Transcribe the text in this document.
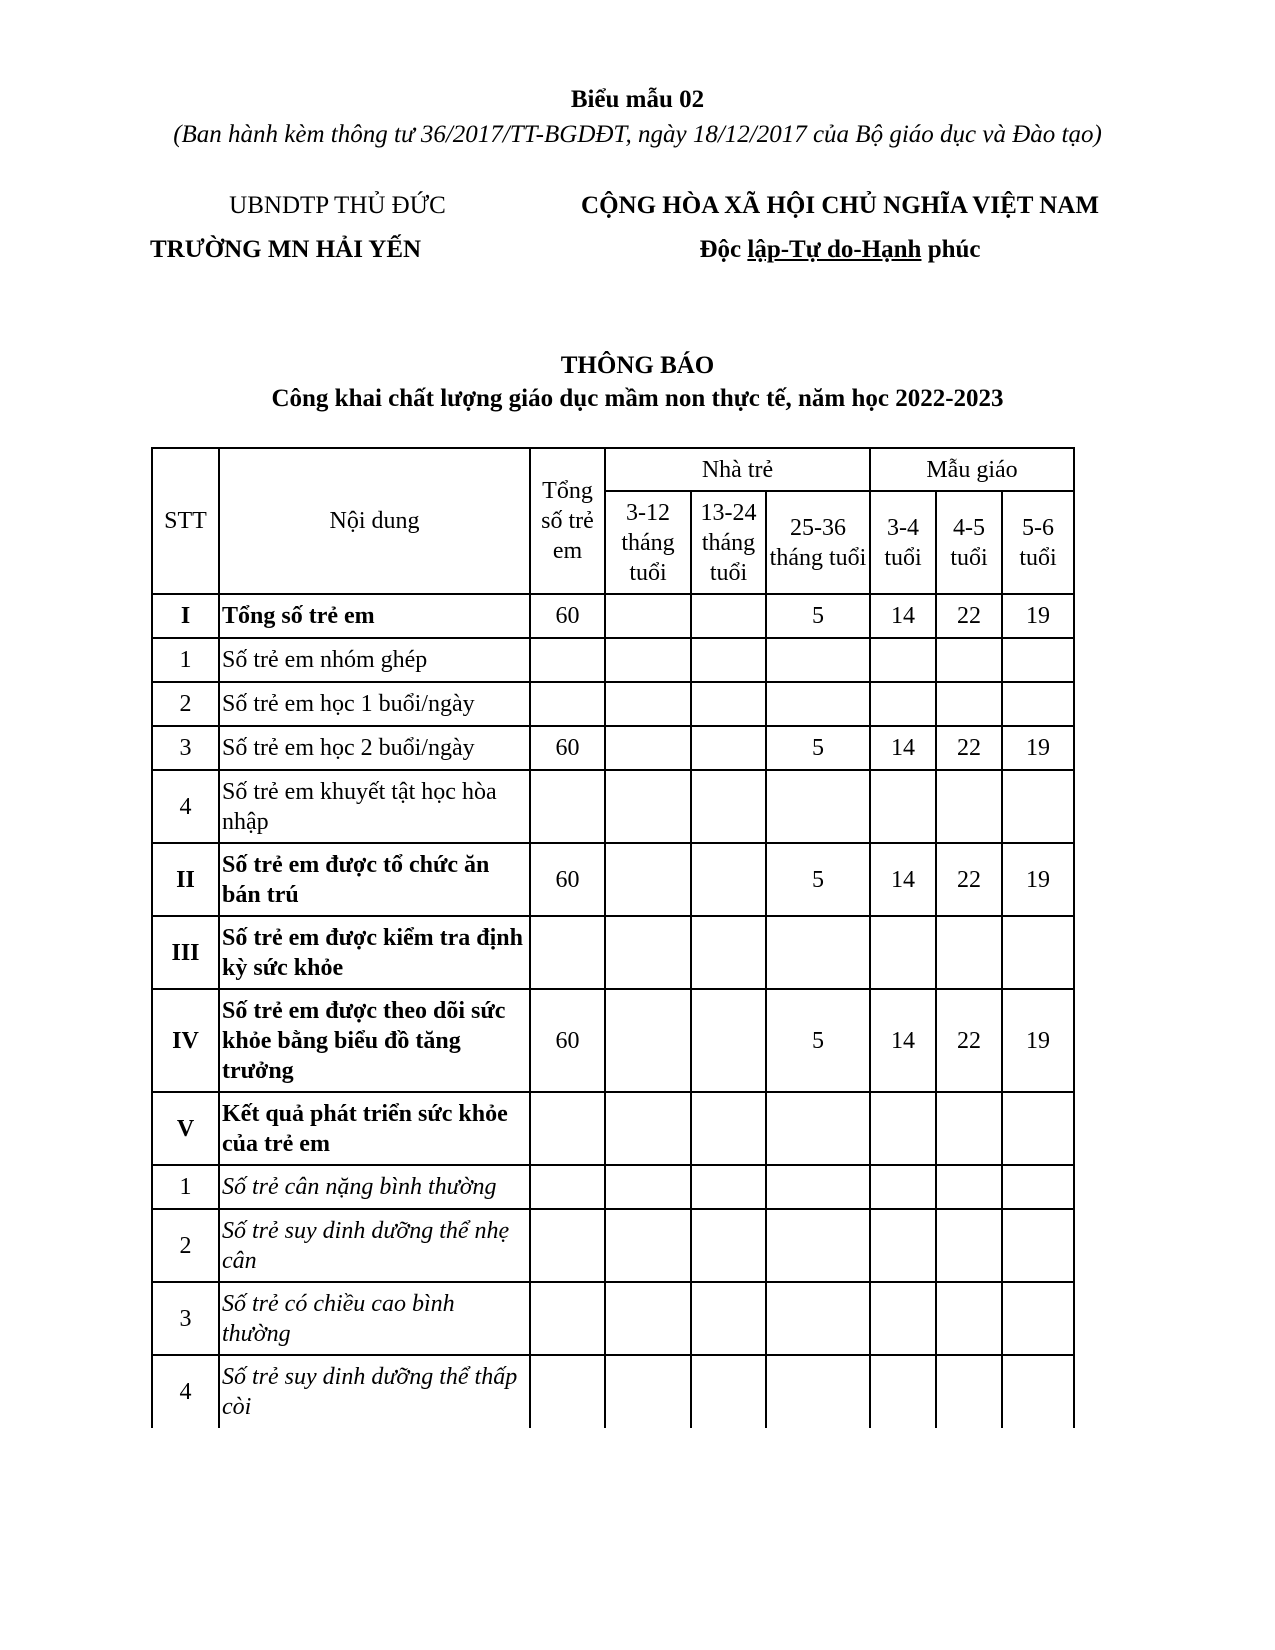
Biểu mẫu 02
(Ban hành kèm thông tư 36/2017/TT-BGDĐT, ngày 18/12/2017 của Bộ giáo dục và Đào tạo)
UBNDTP THỦ ĐỨC
TRƯỜNG MN HẢI YẾN
CỘNG HÒA XÃ HỘI CHỦ NGHĨA VIỆT NAM
Độc lập-Tự do-Hạnh phúc
THÔNG BÁO
Công khai chất lượng giáo dục mầm non thực tế, năm học 2022-2023
STT	Nội dung	Tổng số trẻ em	Nhà trẻ			Mẫu giáo		
			3-12 tháng tuổi	13-24 tháng tuổi	25-36 tháng tuổi	3-4 tuổi	4-5 tuổi	5-6 tuổi
I	Tổng số trẻ em	60			5	14	22	19
1	Số trẻ em nhóm ghép							
2	Số trẻ em học 1 buổi/ngày							
3	Số trẻ em học 2 buổi/ngày	60			5	14	22	19
4	Số trẻ em khuyết tật học hòa nhập							
II	Số trẻ em được tổ chức ăn bán trú	60			5	14	22	19
III	Số trẻ em được kiểm tra định kỳ sức khỏe							
IV	Số trẻ em được theo dõi sức khỏe bằng biểu đồ tăng trưởng	60			5	14	22	19
V	Kết quả phát triển sức khỏe của trẻ em							
1	Số trẻ cân nặng bình thường							
2	Số trẻ suy dinh dưỡng thể nhẹ cân							
3	Số trẻ có chiều cao bình thường							
4	Số trẻ suy dinh dưỡng thể thấp còi							
